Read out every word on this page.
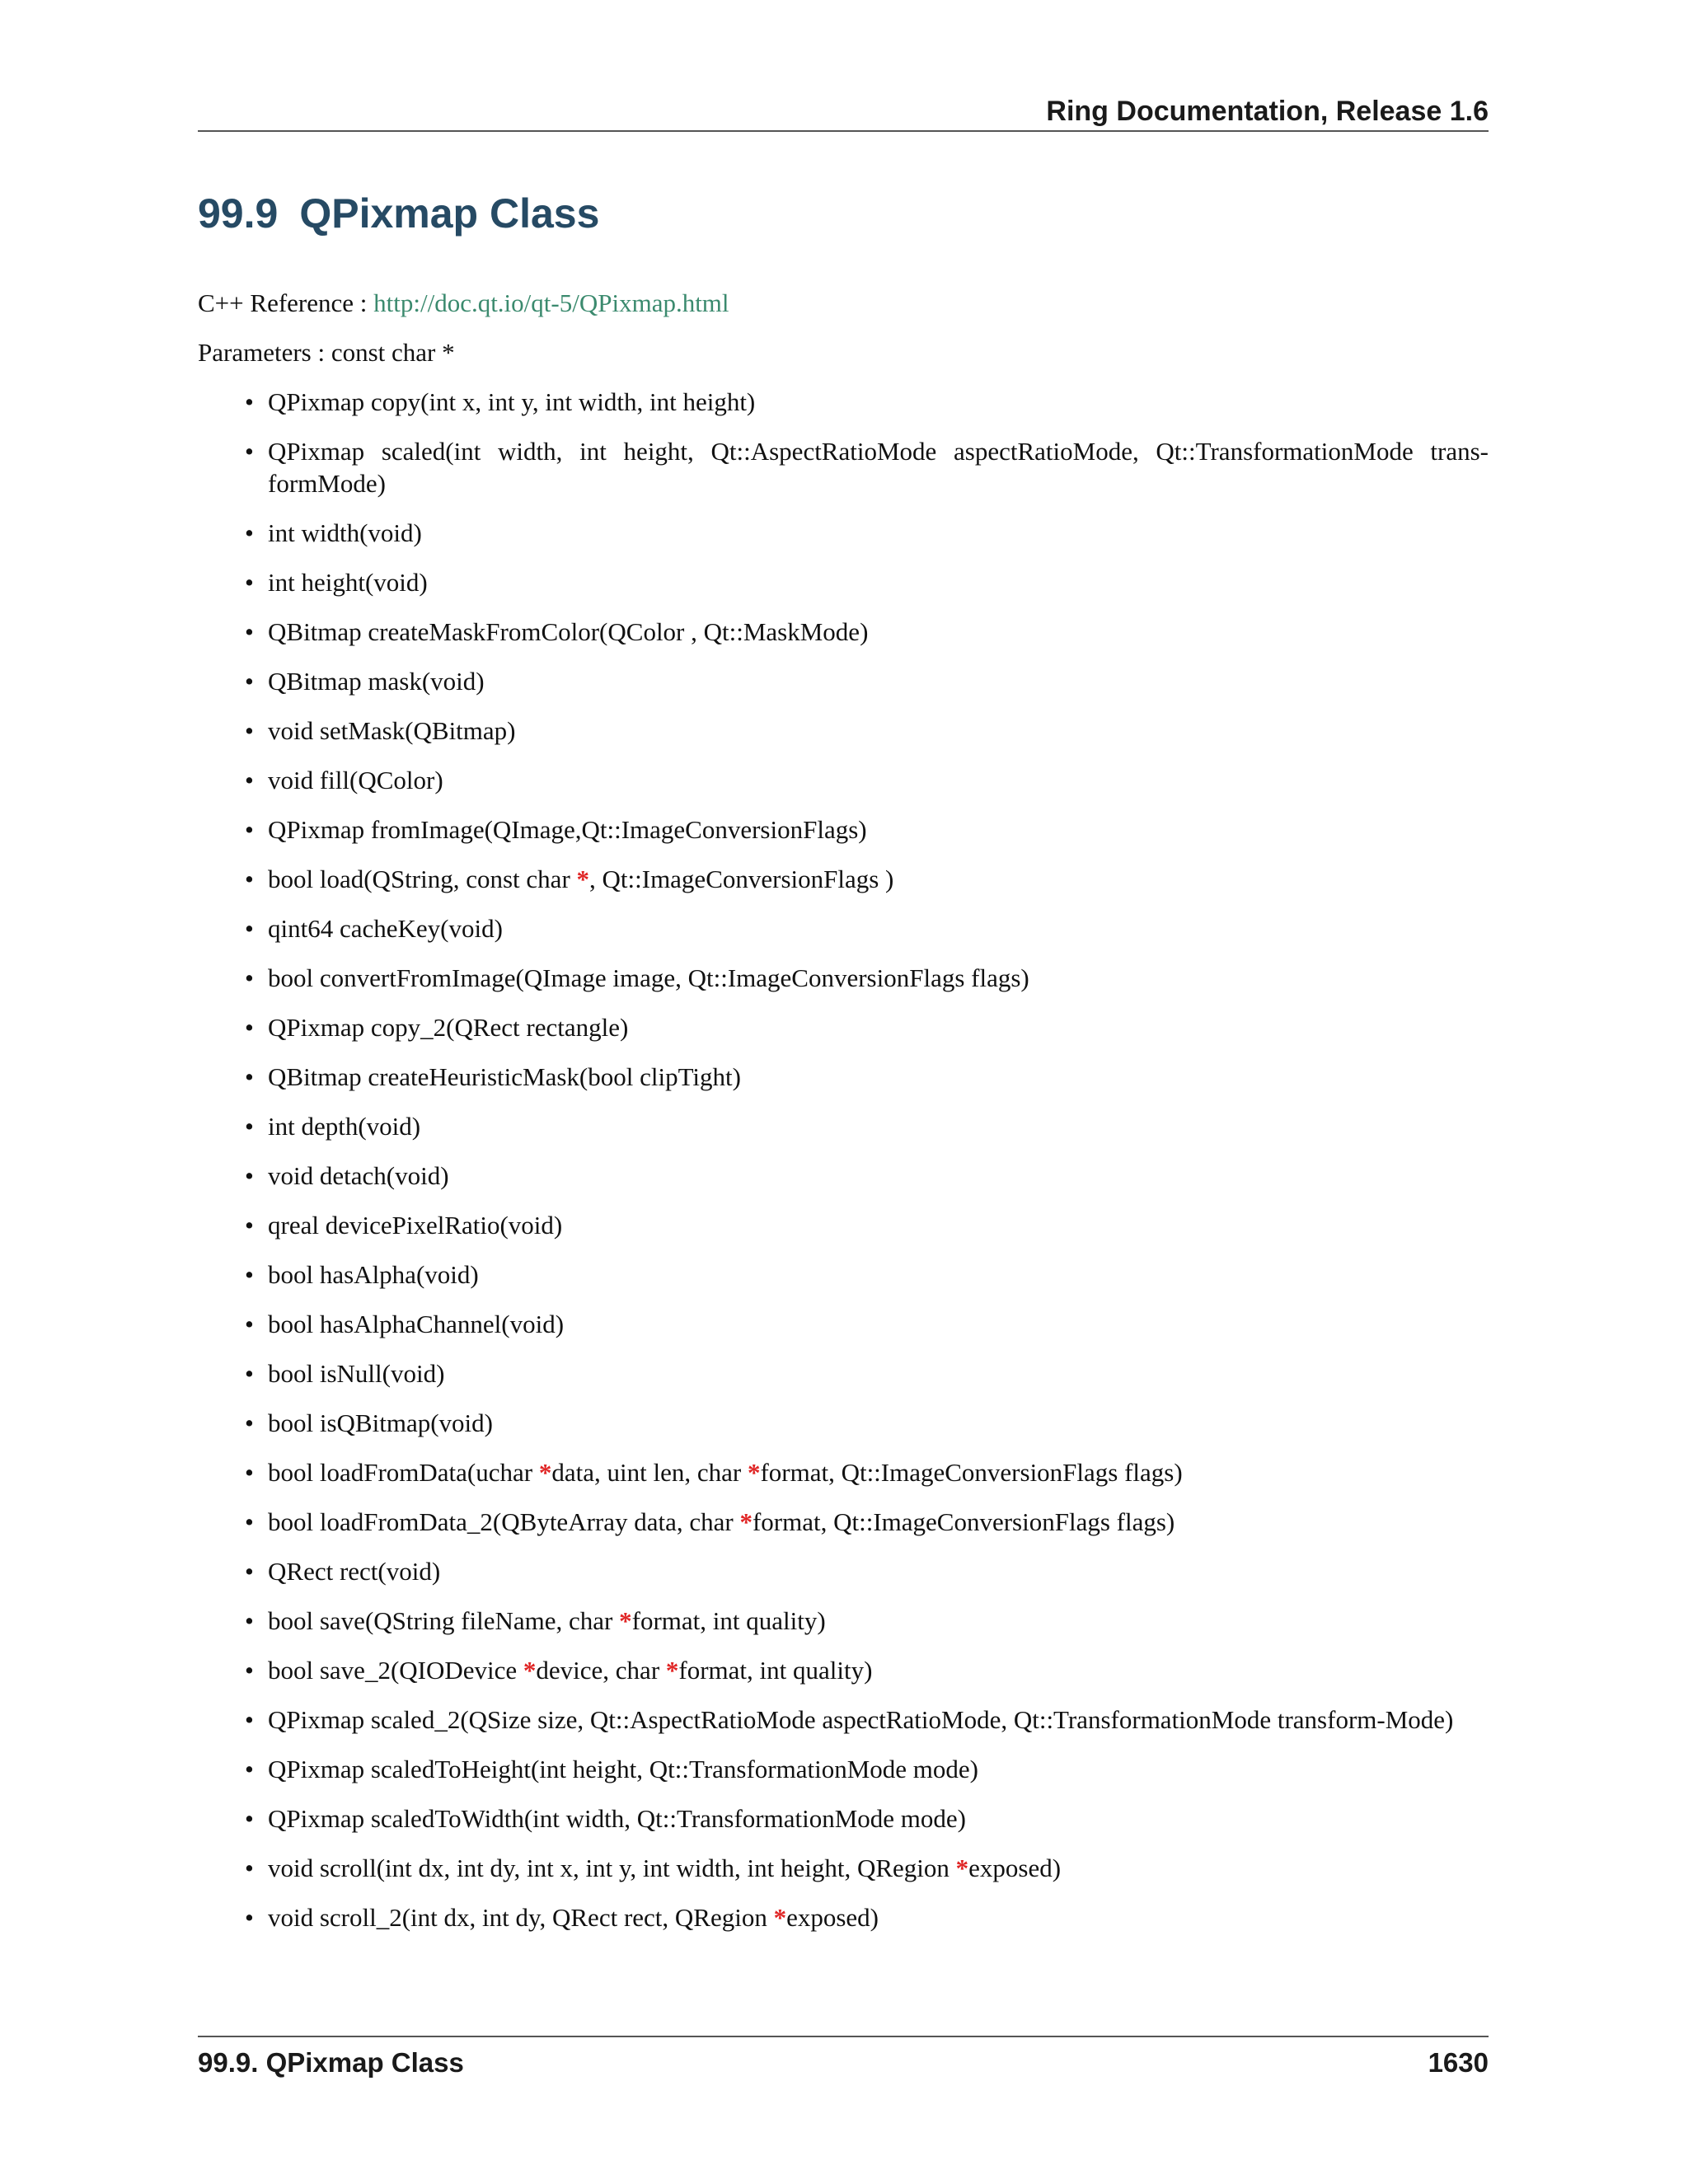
Ring Documentation, Release 1.6
99.9 QPixmap Class
C++ Reference : http://doc.qt.io/qt-5/QPixmap.html
Parameters : const char *
• QPixmap copy(int x, int y, int width, int height)
• QPixmap scaled(int width, int height, Qt::AspectRatioMode aspectRatioMode, Qt::TransformationMode trans-formMode)
• int width(void)
• int height(void)
• QBitmap createMaskFromColor(QColor , Qt::MaskMode)
• QBitmap mask(void)
• void setMask(QBitmap)
• void fill(QColor)
• QPixmap fromImage(QImage,Qt::ImageConversionFlags)
• bool load(QString, const char *, Qt::ImageConversionFlags )
• qint64 cacheKey(void)
• bool convertFromImage(QImage image, Qt::ImageConversionFlags flags)
• QPixmap copy_2(QRect rectangle)
• QBitmap createHeuristicMask(bool clipTight)
• int depth(void)
• void detach(void)
• qreal devicePixelRatio(void)
• bool hasAlpha(void)
• bool hasAlphaChannel(void)
• bool isNull(void)
• bool isQBitmap(void)
• bool loadFromData(uchar *data, uint len, char *format, Qt::ImageConversionFlags flags)
• bool loadFromData_2(QByteArray data, char *format, Qt::ImageConversionFlags flags)
• QRect rect(void)
• bool save(QString fileName, char *format, int quality)
• bool save_2(QIODevice *device, char *format, int quality)
• QPixmap scaled_2(QSize size, Qt::AspectRatioMode aspectRatioMode, Qt::TransformationMode transform-Mode)
• QPixmap scaledToHeight(int height, Qt::TransformationMode mode)
• QPixmap scaledToWidth(int width, Qt::TransformationMode mode)
• void scroll(int dx, int dy, int x, int y, int width, int height, QRegion *exposed)
• void scroll_2(int dx, int dy, QRect rect, QRegion *exposed)
99.9. QPixmap Class	1630
